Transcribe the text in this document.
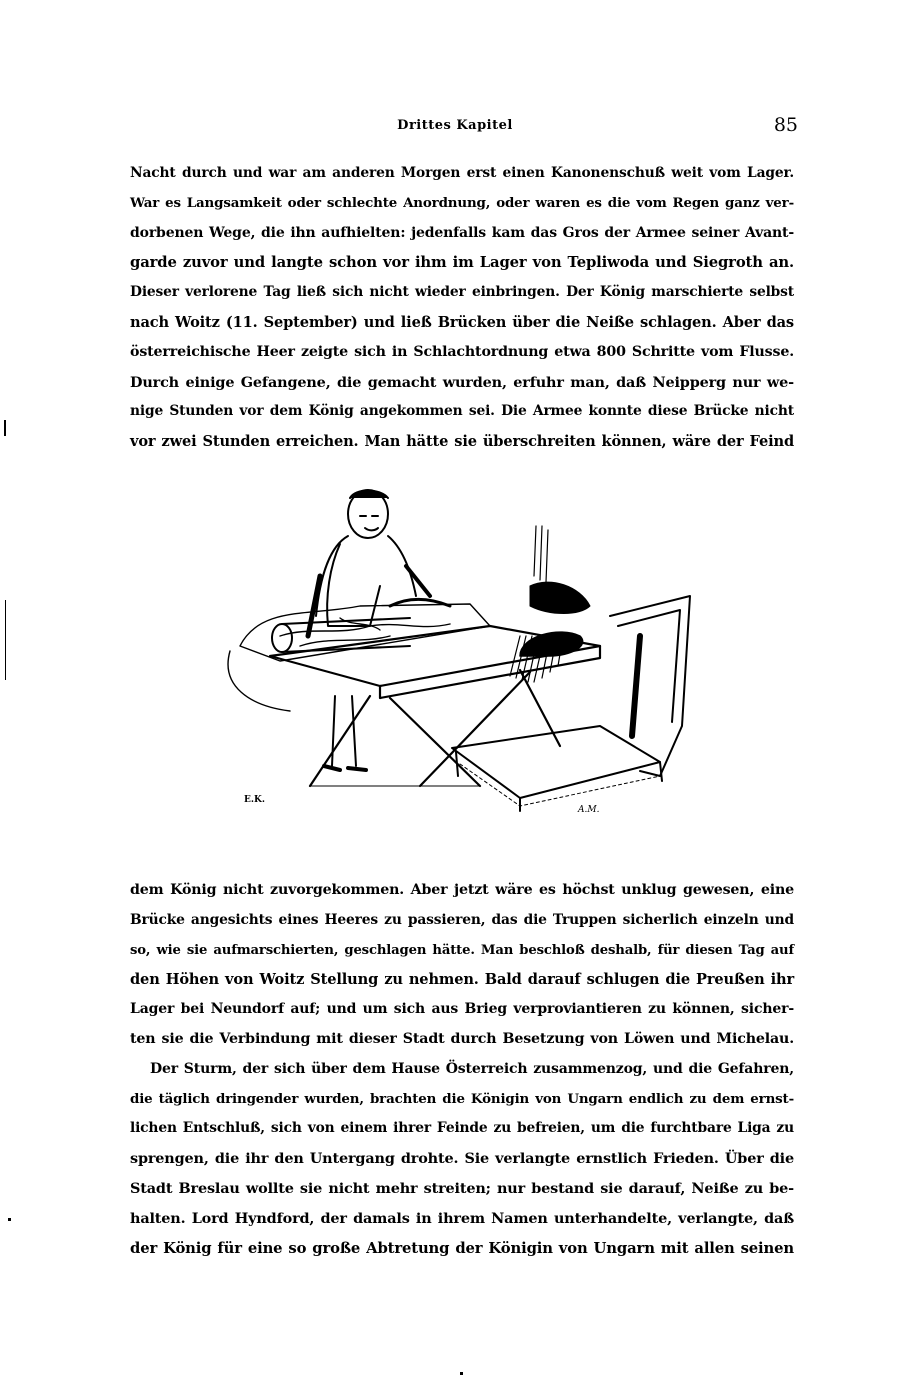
Drittes Kapitel	85
Nacht durch und war am anderen Morgen erst einen Kanonenschuß weit vom Lager.
War es Langsamkeit oder schlechte Anordnung, oder waren es die vom Regen ganz ver-
dorbenen Wege, die ihn aufhielten: jedenfalls kam das Gros der Armee seiner Avant-
garde zuvor und langte schon vor ihm im Lager von Tepliwoda und Siegroth an.
Dieser verlorene Tag ließ sich nicht wieder einbringen. Der König marschierte selbst
nach Woitz (11. September) und ließ Brücken über die Neiße schlagen. Aber das
österreichische Heer zeigte sich in Schlachtordnung etwa 800 Schritte vom Flusse.
Durch einige Gefangene, die gemacht wurden, erfuhr man, daß Neipperg nur we-
nige Stunden vor dem König angekommen sei. Die Armee konnte diese Brücke nicht
vor zwei Stunden erreichen. Man hätte sie überschreiten können, wäre der Feind
E.K.
A.M.
dem König nicht zuvorgekommen. Aber jetzt wäre es höchst unklug gewesen, eine
Brücke angesichts eines Heeres zu passieren, das die Truppen sicherlich einzeln und
so, wie sie aufmarschierten, geschlagen hätte. Man beschloß deshalb, für diesen Tag auf
den Höhen von Woitz Stellung zu nehmen. Bald darauf schlugen die Preußen ihr
Lager bei Neundorf auf; und um sich aus Brieg verproviantieren zu können, sicher-
ten sie die Verbindung mit dieser Stadt durch Besetzung von Löwen und Michelau.
Der Sturm, der sich über dem Hause Österreich zusammenzog, und die Gefahren,
die täglich dringender wurden, brachten die Königin von Ungarn endlich zu dem ernst-
lichen Entschluß, sich von einem ihrer Feinde zu befreien, um die furchtbare Liga zu
sprengen, die ihr den Untergang drohte. Sie verlangte ernstlich Frieden. Über die
Stadt Breslau wollte sie nicht mehr streiten; nur bestand sie darauf, Neiße zu be-
halten. Lord Hyndford, der damals in ihrem Namen unterhandelte, verlangte, daß
der König für eine so große Abtretung der Königin von Ungarn mit allen seinen
